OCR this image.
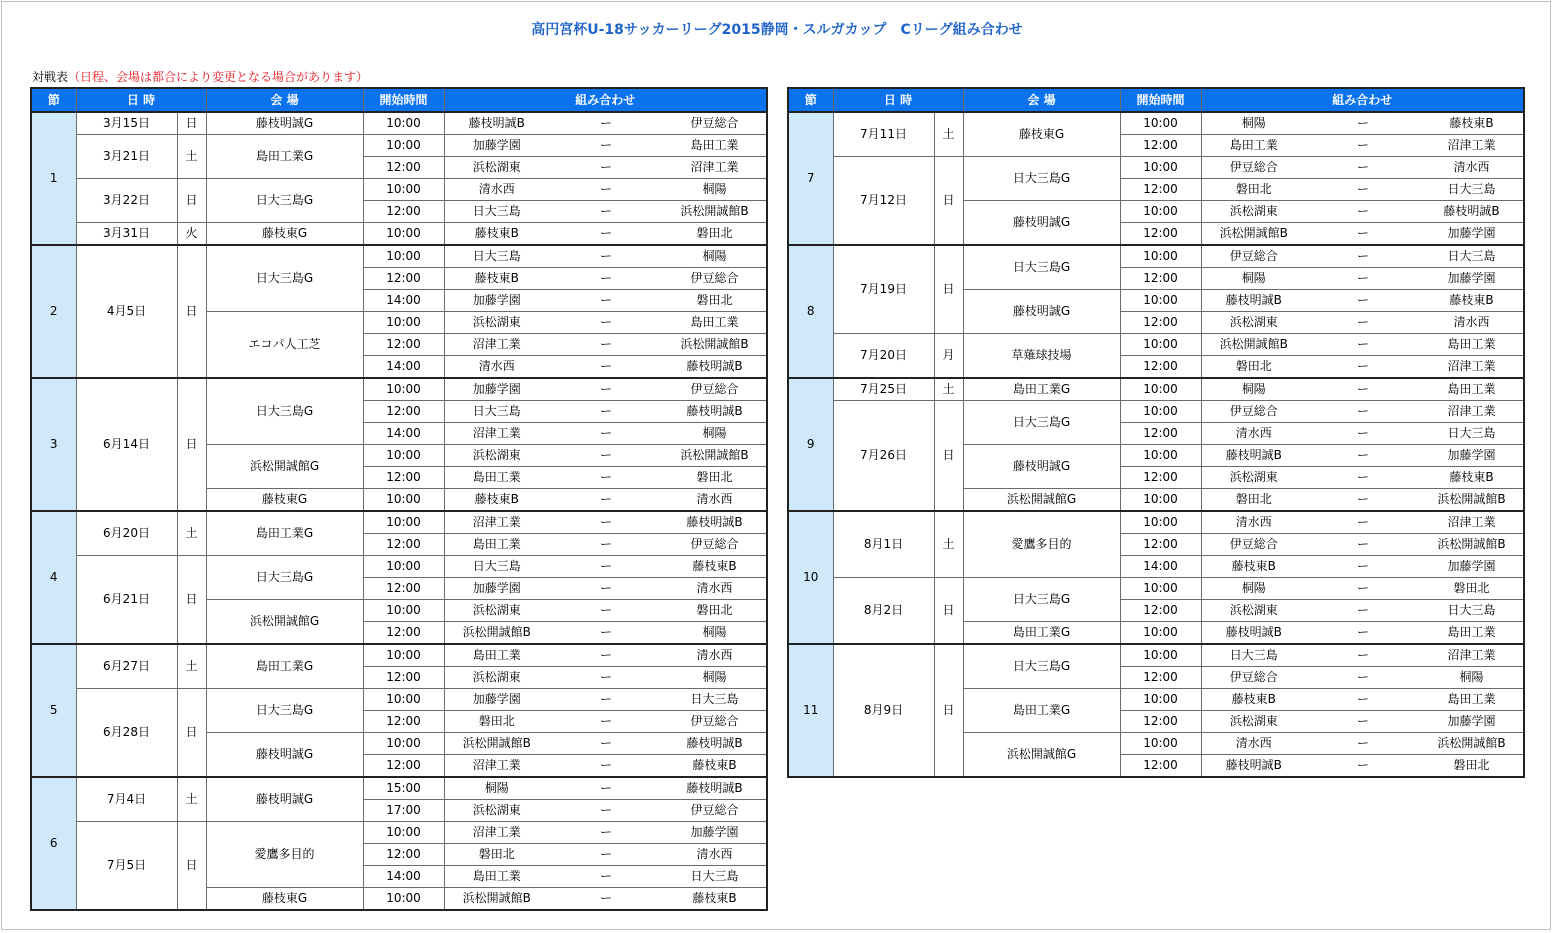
高円宮杯U-18サッカーリーグ2015静岡・スルガカップ　Cリーグ組み合わせ
対戦表（日程、会場は都合により変更となる場合があります）
節	日 時		会 場	開始時間	組み合わせ		
1	3月15日	日	藤枝明誠G	10:00	藤枝明誠B	ー	伊豆総合
	3月21日	土	島田工業G	10:00	加藤学園	ー	島田工業
				12:00	浜松湖東	ー	沼津工業
	3月22日	日	日大三島G	10:00	清水西	ー	桐陽
				12:00	日大三島	ー	浜松開誠館B
	3月31日	火	藤枝東G	10:00	藤枝東B	ー	磐田北
2	4月5日	日	日大三島G	10:00	日大三島	ー	桐陽
				12:00	藤枝東B	ー	伊豆総合
				14:00	加藤学園	ー	磐田北
			エコパ人工芝	10:00	浜松湖東	ー	島田工業
				12:00	沼津工業	ー	浜松開誠館B
				14:00	清水西	ー	藤枝明誠B
3	6月14日	日	日大三島G	10:00	加藤学園	ー	伊豆総合
				12:00	日大三島	ー	藤枝明誠B
				14:00	沼津工業	ー	桐陽
			浜松開誠館G	10:00	浜松湖東	ー	浜松開誠館B
				12:00	島田工業	ー	磐田北
			藤枝東G	10:00	藤枝東B	ー	清水西
4	6月20日	土	島田工業G	10:00	沼津工業	ー	藤枝明誠B
				12:00	島田工業	ー	伊豆総合
	6月21日	日	日大三島G	10:00	日大三島	ー	藤枝東B
				12:00	加藤学園	ー	清水西
			浜松開誠館G	10:00	浜松湖東	ー	磐田北
				12:00	浜松開誠館B	ー	桐陽
5	6月27日	土	島田工業G	10:00	島田工業	ー	清水西
				12:00	浜松湖東	ー	桐陽
	6月28日	日	日大三島G	10:00	加藤学園	ー	日大三島
				12:00	磐田北	ー	伊豆総合
			藤枝明誠G	10:00	浜松開誠館B	ー	藤枝明誠B
				12:00	沼津工業	ー	藤枝東B
6	7月4日	土	藤枝明誠G	15:00	桐陽	ー	藤枝明誠B
				17:00	浜松湖東	ー	伊豆総合
	7月5日	日	愛鷹多目的	10:00	沼津工業	ー	加藤学園
				12:00	磐田北	ー	清水西
				14:00	島田工業	ー	日大三島
			藤枝東G	10:00	浜松開誠館B	ー	藤枝東B
節	日 時		会 場	開始時間	組み合わせ		
7	7月11日	土	藤枝東G	10:00	桐陽	ー	藤枝東B
				12:00	島田工業	ー	沼津工業
	7月12日	日	日大三島G	10:00	伊豆総合	ー	清水西
				12:00	磐田北	ー	日大三島
			藤枝明誠G	10:00	浜松湖東	ー	藤枝明誠B
				12:00	浜松開誠館B	ー	加藤学園
8	7月19日	日	日大三島G	10:00	伊豆総合	ー	日大三島
				12:00	桐陽	ー	加藤学園
			藤枝明誠G	10:00	藤枝明誠B	ー	藤枝東B
				12:00	浜松湖東	ー	清水西
	7月20日	月	草薙球技場	10:00	浜松開誠館B	ー	島田工業
				12:00	磐田北	ー	沼津工業
9	7月25日	土	島田工業G	10:00	桐陽	ー	島田工業
	7月26日	日	日大三島G	10:00	伊豆総合	ー	沼津工業
				12:00	清水西	ー	日大三島
			藤枝明誠G	10:00	藤枝明誠B	ー	加藤学園
				12:00	浜松湖東	ー	藤枝東B
			浜松開誠館G	10:00	磐田北	ー	浜松開誠館B
10	8月1日	土	愛鷹多目的	10:00	清水西	ー	沼津工業
				12:00	伊豆総合	ー	浜松開誠館B
				14:00	藤枝東B	ー	加藤学園
	8月2日	日	日大三島G	10:00	桐陽	ー	磐田北
				12:00	浜松湖東	ー	日大三島
			島田工業G	10:00	藤枝明誠B	ー	島田工業
11	8月9日	日	日大三島G	10:00	日大三島	ー	沼津工業
				12:00	伊豆総合	ー	桐陽
			島田工業G	10:00	藤枝東B	ー	島田工業
				12:00	浜松湖東	ー	加藤学園
			浜松開誠館G	10:00	清水西	ー	浜松開誠館B
				12:00	藤枝明誠B	ー	磐田北
